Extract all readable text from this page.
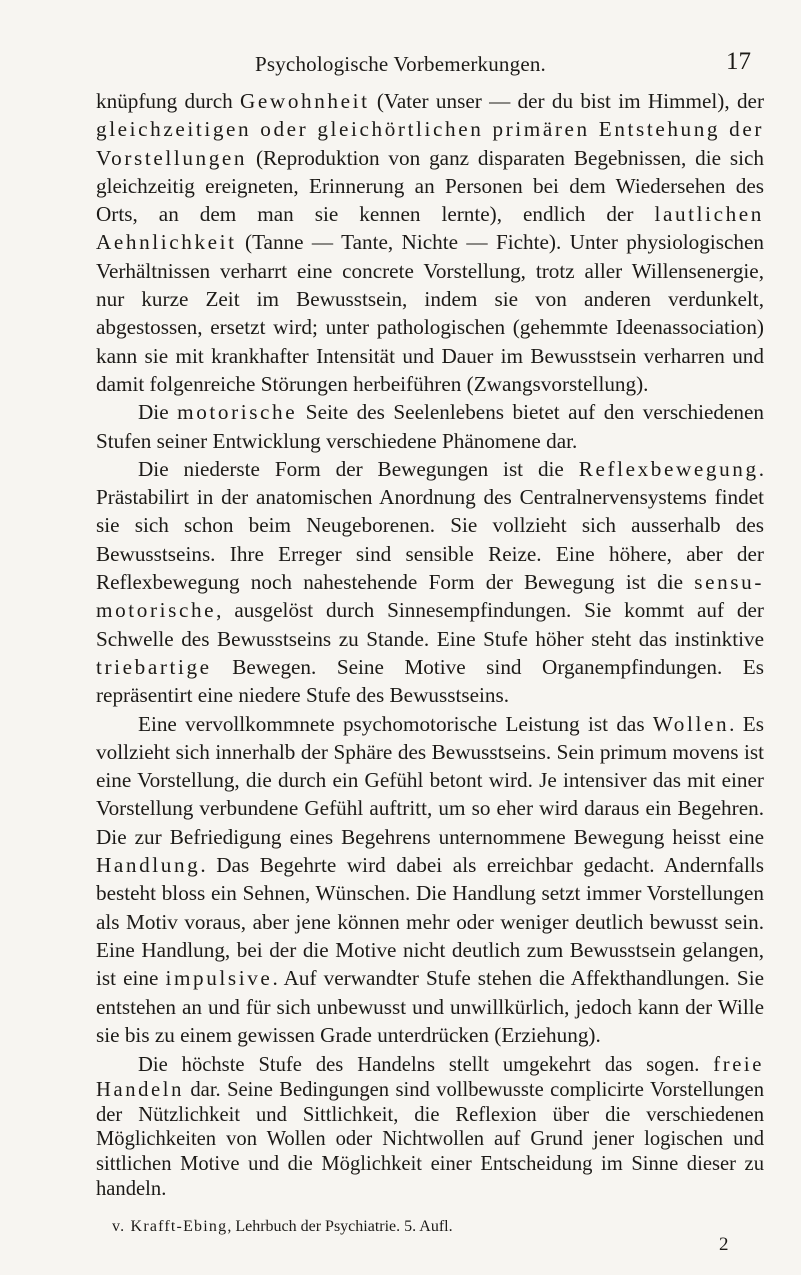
Psychologische Vorbemerkungen.	17

knüpfung durch Gewohnheit (Vater unser — der du bist im Himmel), der gleichzeitigen oder gleichörtlichen primären Entstehung der Vorstellungen (Reproduktion von ganz disparaten Begebnissen, die sich gleichzeitig ereigneten, Erinnerung an Personen bei dem Wiedersehen des Orts, an dem man sie kennen lernte), endlich der lautlichen Aehnlichkeit (Tanne — Tante, Nichte — Fichte). Unter physiologischen Verhältnissen verharrt eine concrete Vorstellung, trotz aller Willensenergie, nur kurze Zeit im Bewusstsein, indem sie von anderen verdunkelt, abgestossen, ersetzt wird; unter pathologischen (gehemmte Ideenassociation) kann sie mit krankhafter Intensität und Dauer im Bewusstsein verharren und damit folgenreiche Störungen herbeiführen (Zwangsvorstellung).

Die motorische Seite des Seelenlebens bietet auf den verschiedenen Stufen seiner Entwicklung verschiedene Phänomene dar.

Die niederste Form der Bewegungen ist die Reflexbewegung. Prästabilirt in der anatomischen Anordnung des Centralnervensystems findet sie sich schon beim Neugeborenen. Sie vollzieht sich ausserhalb des Bewusstseins. Ihre Erreger sind sensible Reize. Eine höhere, aber der Reflexbewegung noch nahestehende Form der Bewegung ist die sensu-motorische, ausgelöst durch Sinnesempfindungen. Sie kommt auf der Schwelle des Bewusstseins zu Stande. Eine Stufe höher steht das instinktive triebartige Bewegen. Seine Motive sind Organempfindungen. Es repräsentirt eine niedere Stufe des Bewusstseins.

Eine vervollkommnete psychomotorische Leistung ist das Wollen. Es vollzieht sich innerhalb der Sphäre des Bewusstseins. Sein primum movens ist eine Vorstellung, die durch ein Gefühl betont wird. Je intensiver das mit einer Vorstellung verbundene Gefühl auftritt, um so eher wird daraus ein Begehren. Die zur Befriedigung eines Begehrens unternommene Bewegung heisst eine Handlung. Das Begehrte wird dabei als erreichbar gedacht. Andernfalls besteht bloss ein Sehnen, Wünschen. Die Handlung setzt immer Vorstellungen als Motiv voraus, aber jene können mehr oder weniger deutlich bewusst sein. Eine Handlung, bei der die Motive nicht deutlich zum Bewusstsein gelangen, ist eine impulsive. Auf verwandter Stufe stehen die Affekthandlungen. Sie entstehen an und für sich unbewusst und unwillkürlich, jedoch kann der Wille sie bis zu einem gewissen Grade unterdrücken (Erziehung).

Die höchste Stufe des Handelns stellt umgekehrt das sogen. freie Handeln dar. Seine Bedingungen sind vollbewusste complicirte Vorstellungen der Nützlichkeit und Sittlichkeit, die Reflexion über die verschiedenen Möglichkeiten von Wollen oder Nichtwollen auf Grund jener logischen und sittlichen Motive und die Möglichkeit einer Entscheidung im Sinne dieser zu handeln.

v. Krafft-Ebing, Lehrbuch der Psychiatrie. 5. Aufl.
2
